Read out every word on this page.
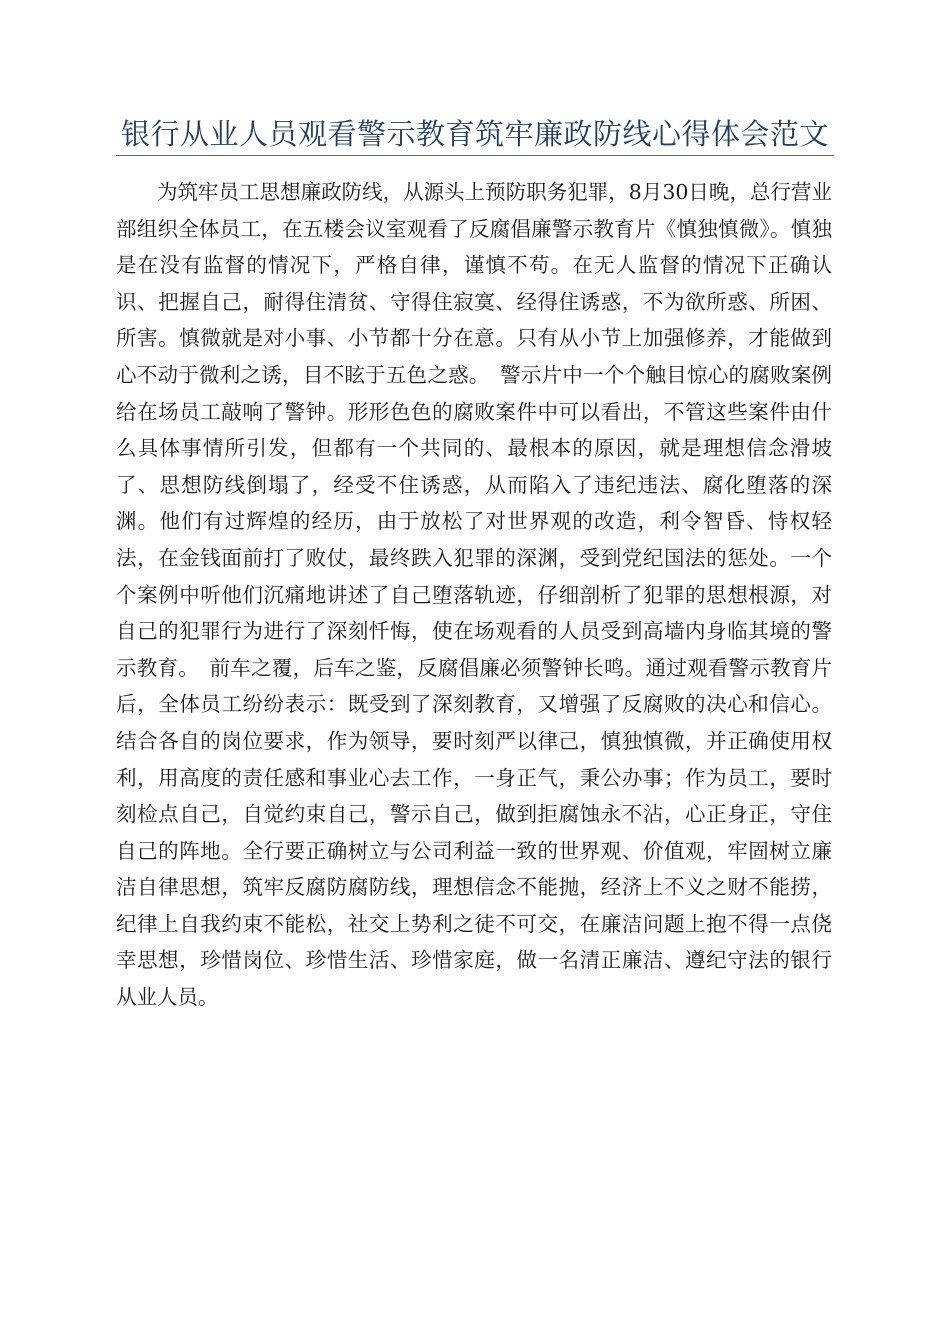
银行从业人员观看警示教育筑牢廉政防线心得体会范文

为筑牢员工思想廉政防线，从源头上预防职务犯罪，8月30日晚，总行营业部组织全体员工，在五楼会议室观看了反腐倡廉警示教育片《慎独慎微》。慎独是在没有监督的情况下，严格自律，谨慎不苟。在无人监督的情况下正确认识、把握自己，耐得住清贫、守得住寂寞、经得住诱惑，不为欲所惑、所困、所害。慎微就是对小事、小节都十分在意。只有从小节上加强修养，才能做到心不动于微利之诱，目不眩于五色之惑。　警示片中一个个触目惊心的腐败案例给在场员工敲响了警钟。形形色色的腐败案件中可以看出，不管这些案件由什么具体事情所引发，但都有一个共同的、最根本的原因，就是理想信念滑坡了、思想防线倒塌了，经受不住诱惑，从而陷入了违纪违法、腐化堕落的深渊。他们有过辉煌的经历，由于放松了对世界观的改造，利令智昏、恃权轻法，在金钱面前打了败仗，最终跌入犯罪的深渊，受到党纪国法的惩处。一个个案例中听他们沉痛地讲述了自己堕落轨迹，仔细剖析了犯罪的思想根源，对自己的犯罪行为进行了深刻忏悔，使在场观看的人员受到高墙内身临其境的警示教育。　前车之覆，后车之鉴，反腐倡廉必须警钟长鸣。通过观看警示教育片后，全体员工纷纷表示：既受到了深刻教育，又增强了反腐败的决心和信心。结合各自的岗位要求，作为领导，要时刻严以律己，慎独慎微，并正确使用权利，用高度的责任感和事业心去工作，一身正气，秉公办事；作为员工，要时刻检点自己，自觉约束自己，警示自己，做到拒腐蚀永不沾，心正身正，守住自己的阵地。全行要正确树立与公司利益一致的世界观、价值观，牢固树立廉洁自律思想，筑牢反腐防腐防线，理想信念不能抛，经济上不义之财不能捞，纪律上自我约束不能松，社交上势利之徒不可交，在廉洁问题上抱不得一点侥幸思想，珍惜岗位、珍惜生活、珍惜家庭，做一名清正廉洁、遵纪守法的银行从业人员。
